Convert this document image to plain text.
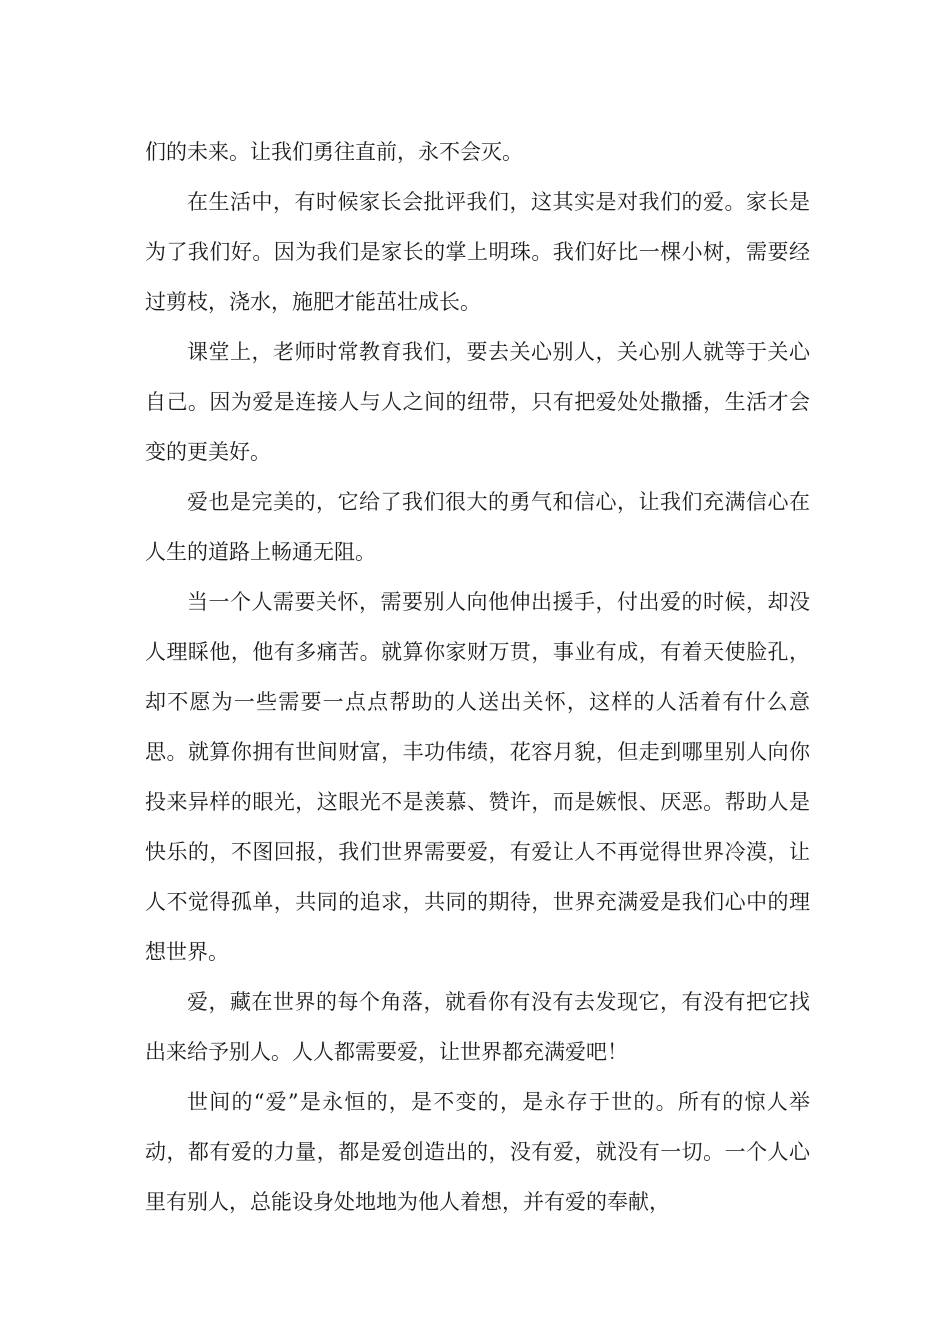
们的未来。让我们勇往直前，永不会灭。

在生活中，有时候家长会批评我们，这其实是对我们的爱。家长是为了我们好。因为我们是家长的掌上明珠。我们好比一棵小树，需要经过剪枝，浇水，施肥才能茁壮成长。

课堂上，老师时常教育我们，要去关心别人，关心别人就等于关心自己。因为爱是连接人与人之间的纽带，只有把爱处处撒播，生活才会变的更美好。

爱也是完美的，它给了我们很大的勇气和信心，让我们充满信心在人生的道路上畅通无阻。

当一个人需要关怀，需要别人向他伸出援手，付出爱的时候，却没人理睬他，他有多痛苦。就算你家财万贯，事业有成，有着天使脸孔，却不愿为一些需要一点点帮助的人送出关怀，这样的人活着有什么意思。就算你拥有世间财富，丰功伟绩，花容月貌，但走到哪里别人向你投来异样的眼光，这眼光不是羡慕、赞许，而是嫉恨、厌恶。帮助人是快乐的，不图回报，我们世界需要爱，有爱让人不再觉得世界冷漠，让人不觉得孤单，共同的追求，共同的期待，世界充满爱是我们心中的理想世界。

爱，藏在世界的每个角落，就看你有没有去发现它，有没有把它找出来给予别人。人人都需要爱，让世界都充满爱吧！

世间的“爱”是永恒的，是不变的，是永存于世的。所有的惊人举动，都有爱的力量，都是爱创造出的，没有爱，就没有一切。一个人心里有别人，总能设身处地地为他人着想，并有爱的奉献，
